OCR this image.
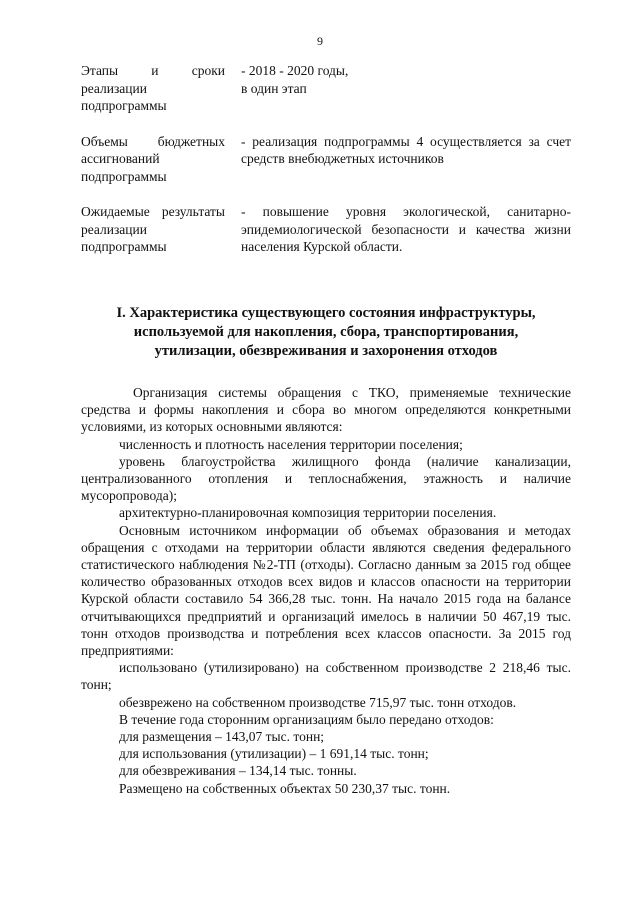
9
Этапы и сроки реализации подпрограммы
- 2018 - 2020 годы,
в один этап
Объемы бюджетных ассигнований подпрограммы
- реализация подпрограммы 4 осуществляется за счет средств внебюджетных источников
Ожидаемые результаты реализации подпрограммы
- повышение уровня экологической, санитарно-эпидемиологической безопасности и качества жизни населения Курской области.
I. Характеристика существующего состояния инфраструктуры,
используемой для накопления, сбора, транспортирования,
утилизации, обезвреживания и захоронения отходов

Организация системы обращения с ТКО, применяемые технические средства и формы накопления и сбора во многом определяются конкретными условиями, из которых основными являются:

численность и плотность населения территории поселения;

уровень благоустройства жилищного фонда (наличие канализации, централизованного отопления и теплоснабжения, этажность и наличие мусоропровода);

архитектурно-планировочная композиция территории поселения.

Основным источником информации об объемах образования и методах обращения с отходами на территории области являются сведения федерального статистического наблюдения №2-ТП (отходы). Согласно данным за 2015 год общее количество образованных отходов всех видов и классов опасности на территории Курской области составило 54 366,28 тыс. тонн. На начало 2015 года на балансе отчитывающихся предприятий и организаций имелось в наличии 50 467,19 тыс. тонн отходов производства и потребления всех классов опасности. За 2015 год предприятиями:

использовано (утилизировано) на собственном производстве 2 218,46 тыс. тонн;

обезврежено на собственном производстве 715,97 тыс. тонн отходов.

В течение года сторонним организациям было передано отходов:

для размещения – 143,07 тыс. тонн;

для использования (утилизации) – 1 691,14 тыс. тонн;

для обезвреживания – 134,14 тыс. тонны.

Размещено на собственных объектах 50 230,37 тыс. тонн.
